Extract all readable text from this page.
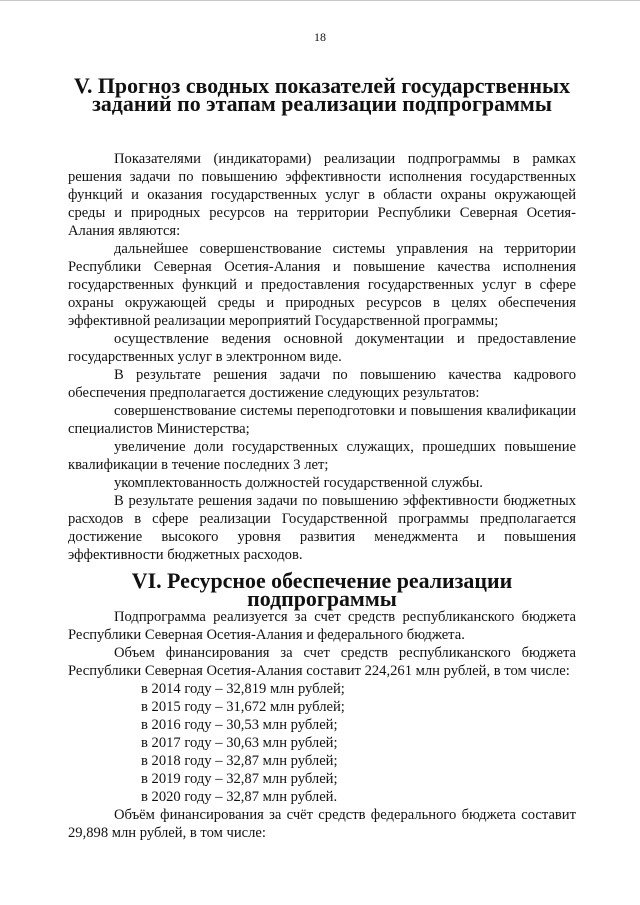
18
V. Прогноз сводных показателей государственных заданий по этапам реализации подпрограммы

Показателями (индикаторами) реализации подпрограммы в рамках решения задачи по повышению эффективности исполнения государственных функций и оказания государственных услуг в области охраны окружающей среды и природных ресурсов на территории Республики Северная Осетия-Алания являются:

дальнейшее совершенствование системы управления на территории Республики Северная Осетия-Алания и повышение качества исполнения государственных функций и предоставления государственных услуг в сфере охраны окружающей среды и природных ресурсов в целях обеспечения эффективной реализации мероприятий Государственной программы;

осуществление ведения основной документации и предоставление государственных услуг в электронном виде.

В результате решения задачи по повышению качества кадрового обеспечения предполагается достижение следующих результатов:

совершенствование системы переподготовки и повышения квалификации специалистов Министерства;

увеличение доли государственных служащих, прошедших повышение квалификации в течение последних 3 лет;

укомплектованность должностей государственной службы.

В результате решения задачи по повышению эффективности бюджетных расходов в сфере реализации Государственной программы предполагается достижение высокого уровня развития менеджмента и повышения эффективности бюджетных расходов.

VI. Ресурсное обеспечение реализации подпрограммы

Подпрограмма реализуется за счет средств республиканского бюджета Республики Северная Осетия-Алания и федерального бюджета.

Объем финансирования за счет средств республиканского бюджета Республики Северная Осетия-Алания составит 224,261 млн рублей, в том числе:

в 2014 году – 32,819 млн рублей;
в 2015 году – 31,672 млн рублей;
в 2016 году – 30,53 млн рублей;
в 2017 году – 30,63 млн рублей;
в 2018 году – 32,87 млн рублей;
в 2019 году – 32,87 млн рублей;
в 2020 году – 32,87 млн рублей.

Объём финансирования за счёт средств федерального бюджета составит 29,898 млн рублей, в том числе:
